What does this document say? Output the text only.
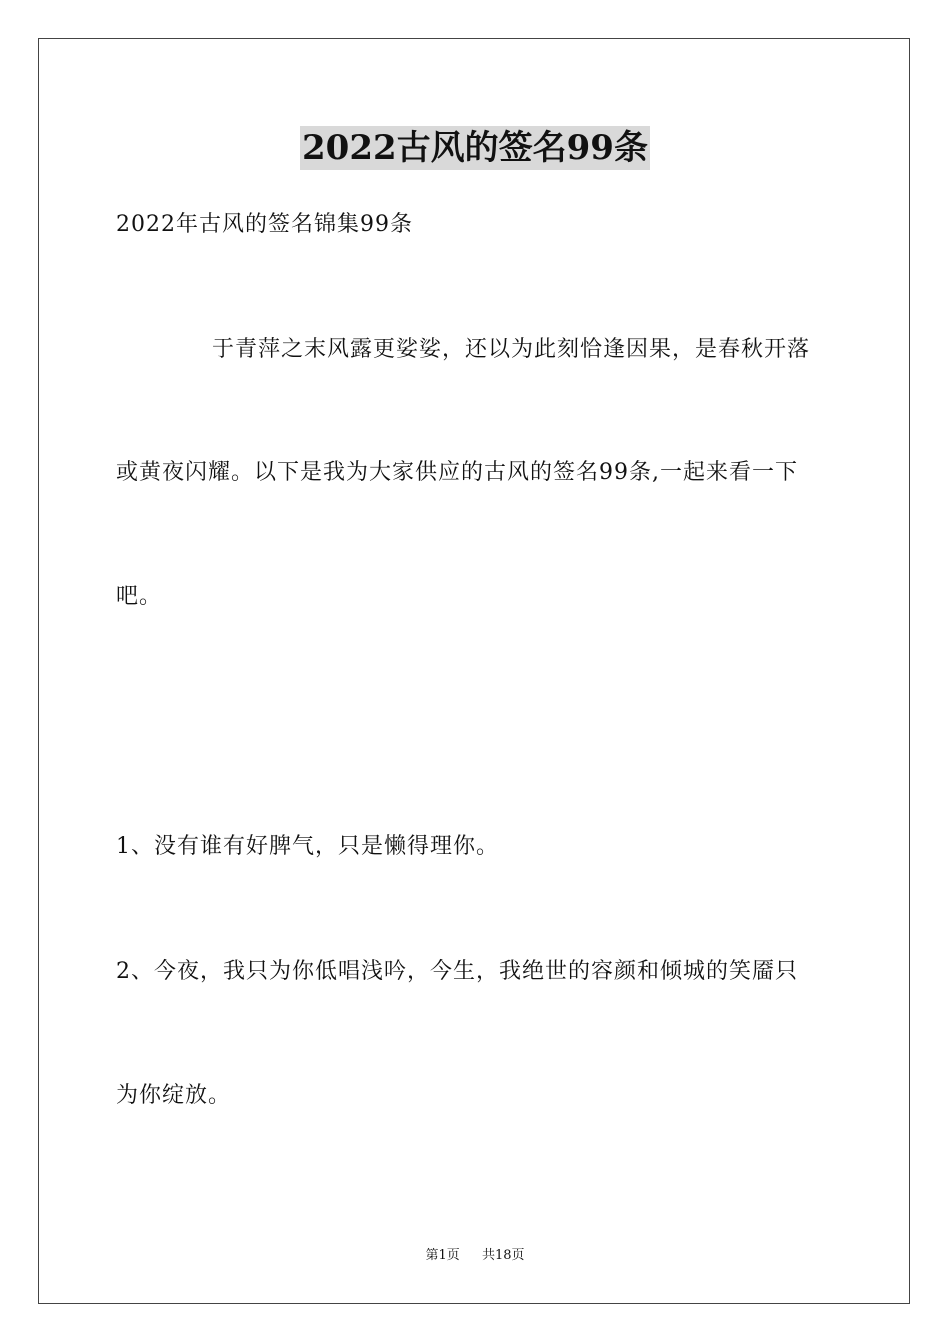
2022古风的签名99条
2022年古风的签名锦集99条
于青萍之末风露更娑娑，还以为此刻恰逢因果，是春秋开落
或黄夜闪耀。以下是我为大家供应的古风的签名99条,一起来看一下
吧。
1、没有谁有好脾气，只是懒得理你。
2、今夜，我只为你低唱浅吟，今生，我绝世的容颜和倾城的笑靥只
为你绽放。
第1页 共18页
